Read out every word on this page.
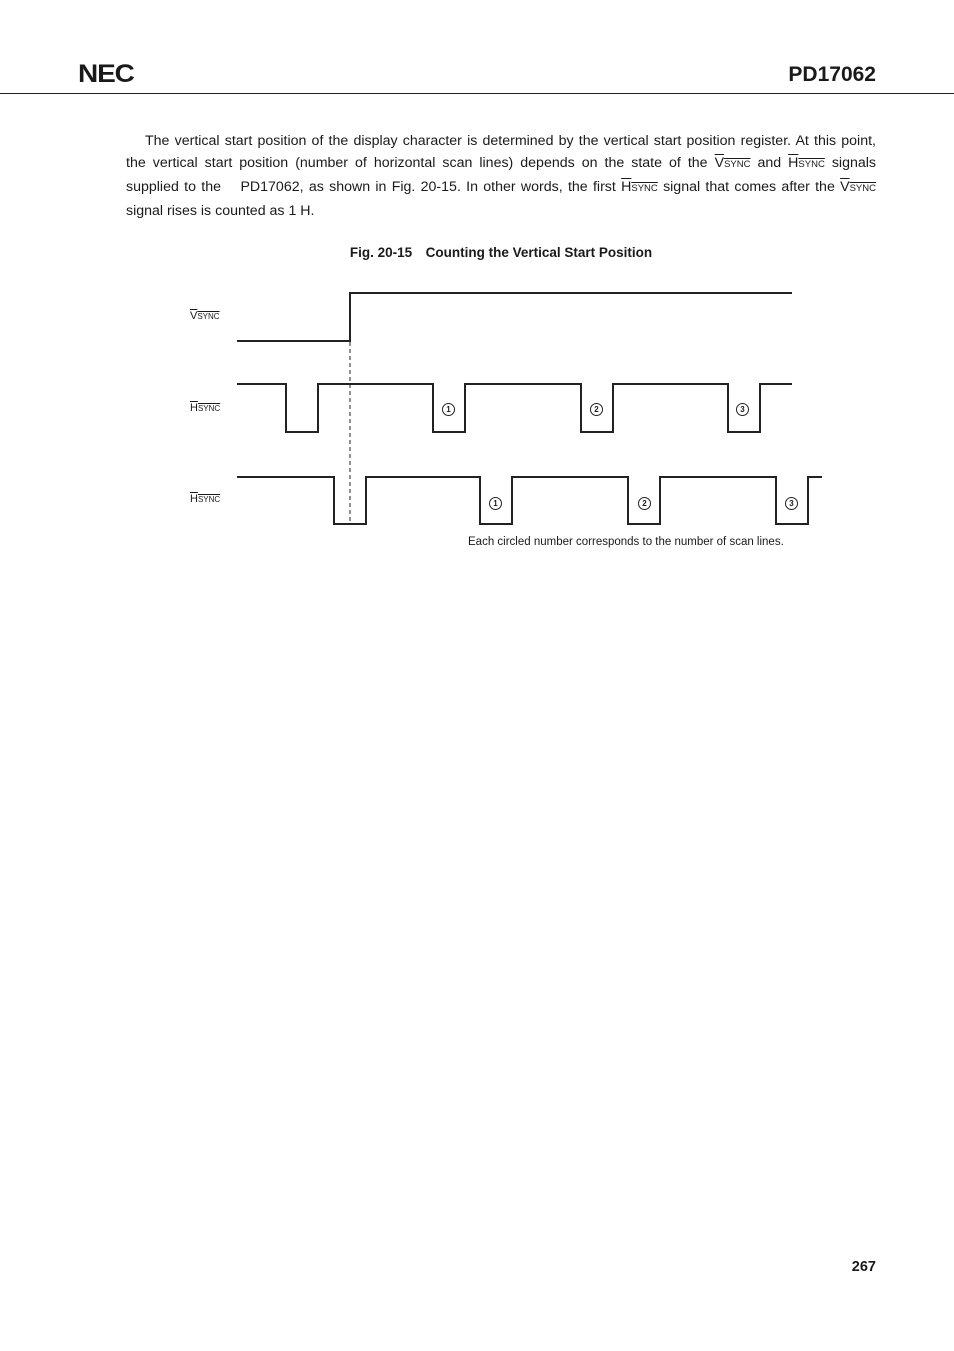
NEC	PD17062

The vertical start position of the display character is determined by the vertical start position register. At this point, the vertical start position (number of horizontal scan lines) depends on the state of the VSYNC and HSYNC signals supplied to the  PD17062, as shown in Fig. 20-15. In other words, the first HSYNC signal that comes after the VSYNC signal rises is counted as 1 H.

Fig. 20-15 Counting the Vertical Start Position
VSYNC
HSYNC
HSYNC
1	2	3
1	2	3
Each circled number corresponds to the number of scan lines.
267
